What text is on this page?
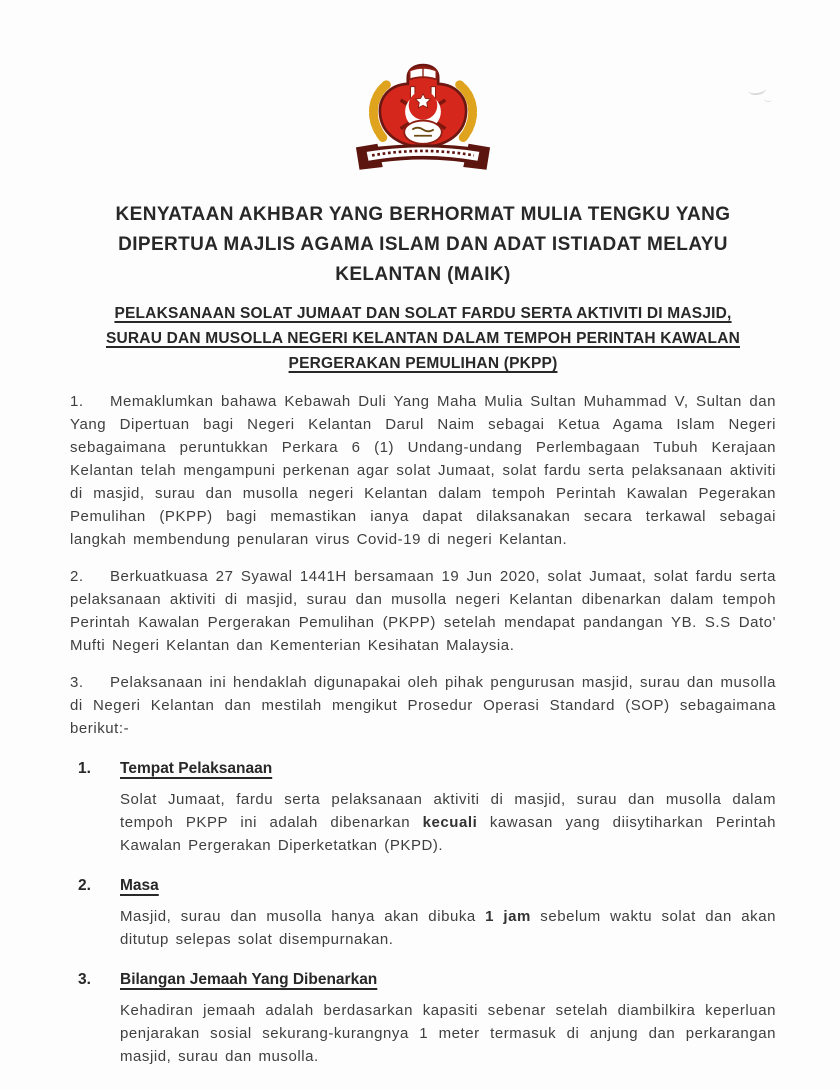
KENYATAAN AKHBAR YANG BERHORMAT MULIA TENGKU YANG
DIPERTUA MAJLIS AGAMA ISLAM DAN ADAT ISTIADAT MELAYU
KELANTAN (MAIK)
PELAKSANAAN SOLAT JUMAAT DAN SOLAT FARDU SERTA AKTIVITI DI MASJID,
SURAU DAN MUSOLLA NEGERI KELANTAN DALAM TEMPOH PERINTAH KAWALAN
PERGERAKAN PEMULIHAN (PKPP)

1. Memaklumkan bahawa Kebawah Duli Yang Maha Mulia Sultan Muhammad V, Sultan dan Yang Dipertuan bagi Negeri Kelantan Darul Naim sebagai Ketua Agama Islam Negeri sebagaimana peruntukkan Perkara 6 (1) Undang-undang Perlembagaan Tubuh Kerajaan Kelantan telah mengampuni perkenan agar solat Jumaat, solat fardu serta pelaksanaan aktiviti di masjid, surau dan musolla negeri Kelantan dalam tempoh Perintah Kawalan Pegerakan Pemulihan (PKPP) bagi memastikan ianya dapat dilaksanakan secara terkawal sebagai langkah membendung penularan virus Covid-19 di negeri Kelantan.

2. Berkuatkuasa 27 Syawal 1441H bersamaan 19 Jun 2020, solat Jumaat, solat fardu serta pelaksanaan aktiviti di masjid, surau dan musolla negeri Kelantan dibenarkan dalam tempoh Perintah Kawalan Pergerakan Pemulihan (PKPP) setelah mendapat pandangan YB. S.S Dato' Mufti Negeri Kelantan dan Kementerian Kesihatan Malaysia.

3. Pelaksanaan ini hendaklah digunapakai oleh pihak pengurusan masjid, surau dan musolla di Negeri Kelantan dan mestilah mengikut Prosedur Operasi Standard (SOP) sebagaimana berikut:-

1. Tempat Pelaksanaan

Solat Jumaat, fardu serta pelaksanaan aktiviti di masjid, surau dan musolla dalam tempoh PKPP ini adalah dibenarkan kecuali kawasan yang diisytiharkan Perintah Kawalan Pergerakan Diperketatkan (PKPD).

2. Masa

Masjid, surau dan musolla hanya akan dibuka 1 jam sebelum waktu solat dan akan ditutup selepas solat disempurnakan.

3. Bilangan Jemaah Yang Dibenarkan

Kehadiran jemaah adalah berdasarkan kapasiti sebenar setelah diambilkira keperluan penjarakan sosial sekurang-kurangnya 1 meter termasuk di anjung dan perkarangan masjid, surau dan musolla.
